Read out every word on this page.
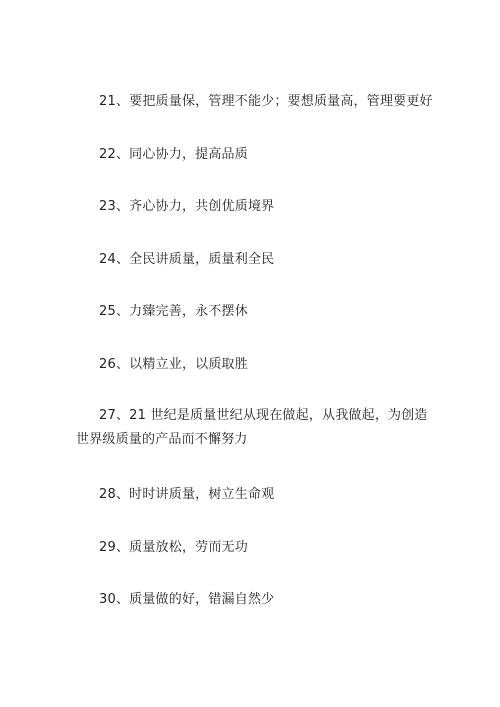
21、要把质量保，管理不能少；要想质量高，管理要更好
22、同心协力，提高品质
23、齐心协力，共创优质境界
24、全民讲质量，质量利全民
25、力臻完善，永不摆休
26、以精立业，以质取胜
27、21 世纪是质量世纪从现在做起，从我做起，为创造世界级质量的产品而不懈努力
28、时时讲质量，树立生命观
29、质量放松，劳而无功
30、质量做的好，错漏自然少
